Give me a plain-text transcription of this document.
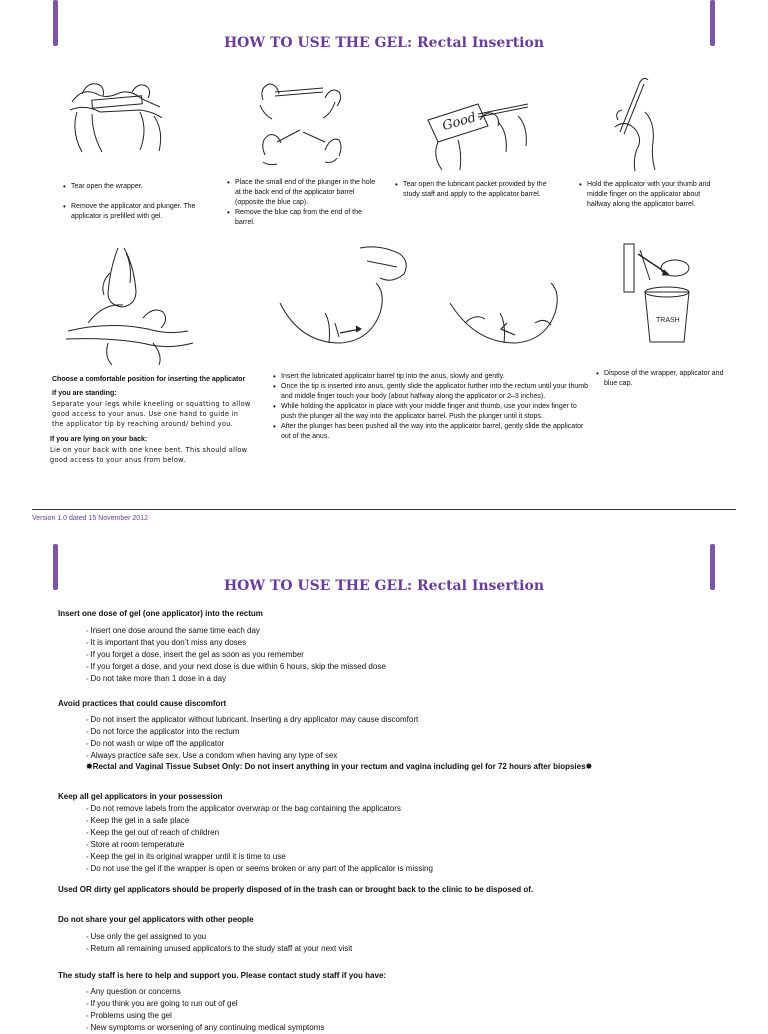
HOW TO USE THE GEL: Rectal Insertion
Good
• Tear open the wrapper.
• Remove the applicator and plunger. The applicator is prefilled with gel.
• Place the small end of the plunger in the hole at the back end of the applicator barrel (opposite the blue cap).
• Remove the blue cap from the end of the barrel.
• Tear open the lubricant packet provided by the study staff and apply to the applicator barrel.
• Hold the applicator with your thumb and middle finger on the applicator about halfway along the applicator barrel.
TRASH
Choose a comfortable position for inserting the applicator
If you are standing:
Separate your legs while kneeling or squatting to allow good access to your anus. Use one hand to guide in the applicator tip by reaching around/ behind you.
If you are lying on your back:
Lie on your back with one knee bent. This should allow good access to your anus from below.
• Insert the lubricated applicator barrel tip into the anus, slowly and gently.
• Once the tip is inserted into anus, gently slide the applicator further into the rectum until your thumb and middle finger touch your body (about halfway along the applicator or 2–3 inches).
• While holding the applicator in place with your middle finger and thumb, use your index finger to push the plunger all the way into the applicator barrel. Push the plunger until it stops.
• After the plunger has been pushed all the way into the applicator barrel, gently slide the applicator out of the anus.
• Dispose of the wrapper, applicator and blue cap.
Version 1.0 dated 15 November 2012
HOW TO USE THE GEL: Rectal Insertion
Insert one dose of gel (one applicator) into the rectum
◦ Insert one dose around the same time each day
◦ It is important that you don’t miss any doses
◦ If you forget a dose, insert the gel as soon as you remember
◦ If you forget a dose, and your next dose is due within 6 hours, skip the missed dose
◦ Do not take more than 1 dose in a day
Avoid practices that could cause discomfort
◦ Do not insert the applicator without lubricant. Inserting a dry applicator may cause discomfort
◦ Do not force the applicator into the rectum
◦ Do not wash or wipe off the applicator
◦ Always practice safe sex. Use a condom when having any type of sex
✸Rectal and Vaginal Tissue Subset Only: Do not insert anything in your rectum and vagina including gel for 72 hours after biopsies✸
Keep all gel applicators in your possession
◦ Do not remove labels from the applicator overwrap or the bag containing the applicators
◦ Keep the gel in a safe place
◦ Keep the gel out of reach of children
◦ Store at room temperature
◦ Keep the gel in its original wrapper until it is time to use
◦ Do not use the gel if the wrapper is open or seems broken or any part of the applicator is missing
Used OR dirty gel applicators should be properly disposed of in the trash can or brought back to the clinic to be disposed of.
Do not share your gel applicators with other people
◦ Use only the gel assigned to you
◦ Return all remaining unused applicators to the study staff at your next visit
The study staff is here to help and support you. Please contact study staff if you have:
◦ Any question or concerns
◦ If you think you are going to run out of gel
◦ Problems using the gel
◦ New symptoms or worsening of any continuing medical symptoms
